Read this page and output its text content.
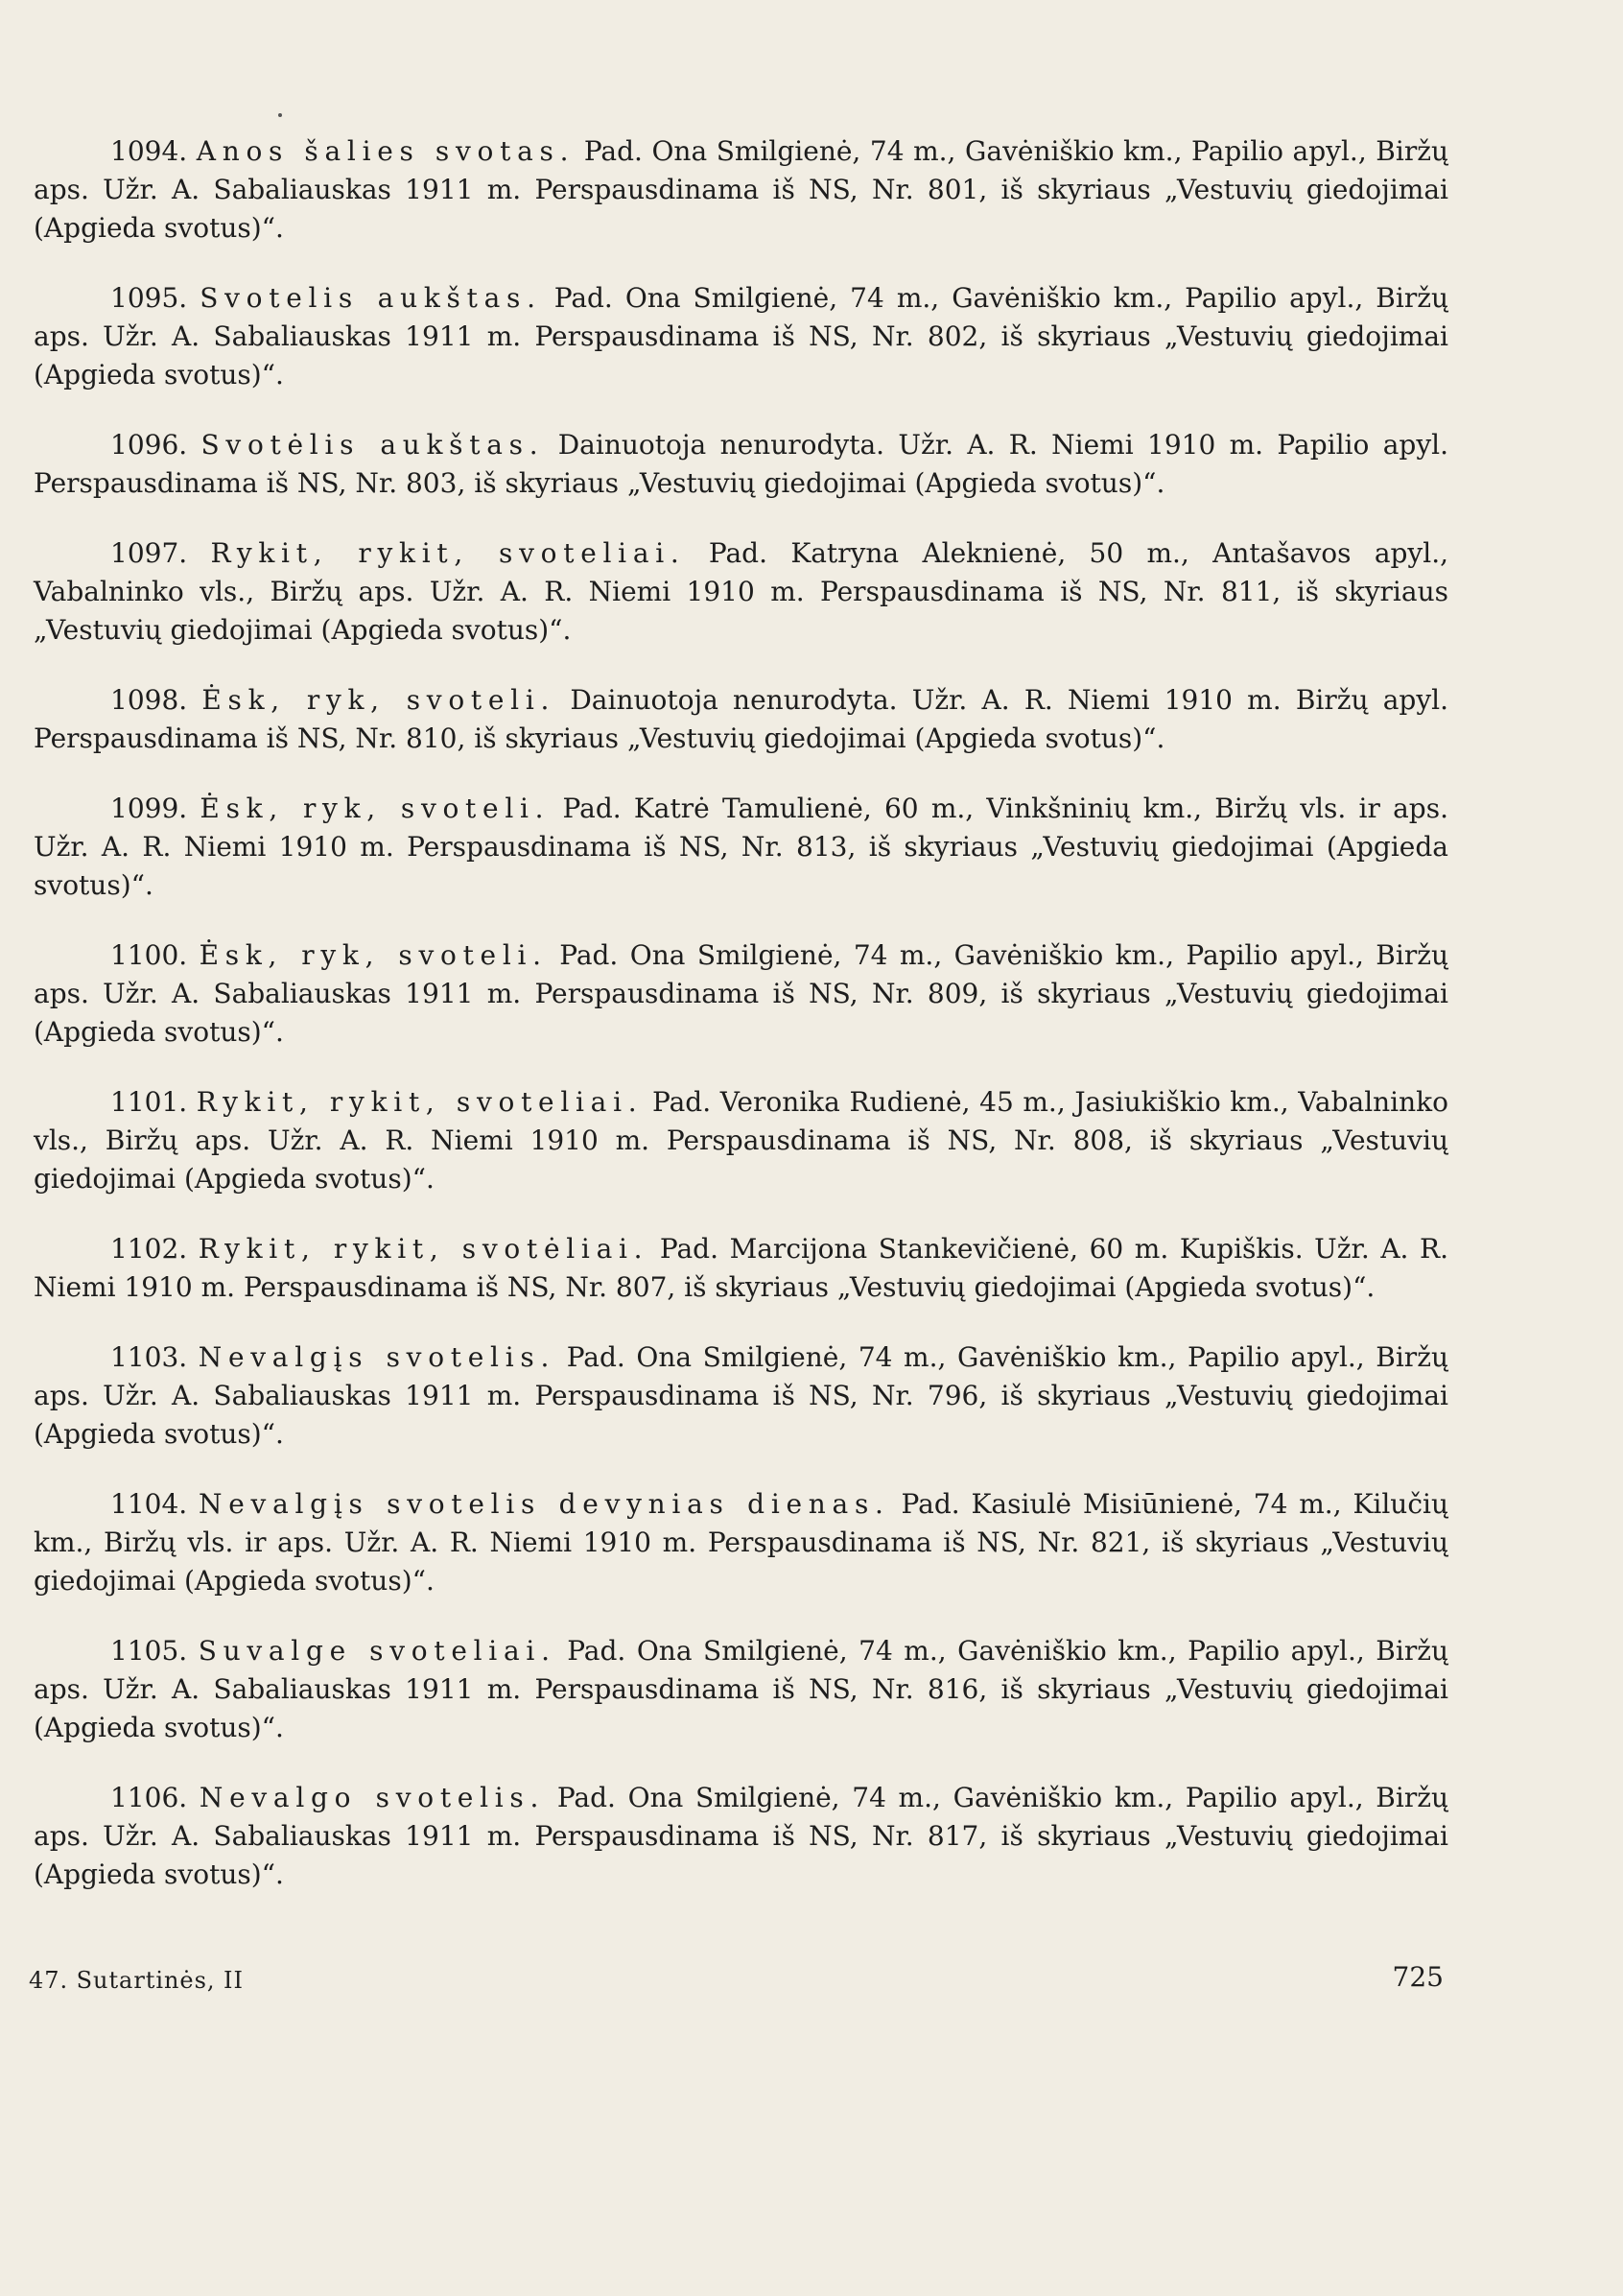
1094. Anos šalies svotas. Pad. Ona Smilgienė, 74 m., Gavėniškio km., Papilio apyl., Biržų aps. Užr. A. Sabaliauskas 1911 m. Perspausdinama iš NS, Nr. 801, iš skyriaus „Vestuvių giedojimai (Apgieda svotus)“.

1095. Svotelis aukštas. Pad. Ona Smilgienė, 74 m., Gavėniškio km., Papilio apyl., Biržų aps. Užr. A. Sabaliauskas 1911 m. Perspausdinama iš NS, Nr. 802, iš skyriaus „Vestuvių giedojimai (Apgieda svotus)“.

1096. Svotėlis aukštas. Dainuotoja nenurodyta. Užr. A. R. Niemi 1910 m. Papilio apyl. Perspausdinama iš NS, Nr. 803, iš skyriaus „Vestuvių giedojimai (Apgieda svotus)“.

1097. Rykit, rykit, svoteliai. Pad. Katryna Aleknienė, 50 m., Antašavos apyl., Vabalninko vls., Biržų aps. Užr. A. R. Niemi 1910 m. Perspausdinama iš NS, Nr. 811, iš skyriaus „Vestuvių giedojimai (Apgieda svotus)“.

1098. Ėsk, ryk, svoteli. Dainuotoja nenurodyta. Užr. A. R. Niemi 1910 m. Biržų apyl. Perspausdinama iš NS, Nr. 810, iš skyriaus „Vestuvių giedojimai (Apgieda svotus)“.

1099. Ėsk, ryk, svoteli. Pad. Katrė Tamulienė, 60 m., Vinkšninių km., Biržų vls. ir aps. Užr. A. R. Niemi 1910 m. Perspausdinama iš NS, Nr. 813, iš skyriaus „Vestuvių giedojimai (Apgieda svotus)“.

1100. Ėsk, ryk, svoteli. Pad. Ona Smilgienė, 74 m., Gavėniškio km., Papilio apyl., Biržų aps. Užr. A. Sabaliauskas 1911 m. Perspausdinama iš NS, Nr. 809, iš skyriaus „Vestuvių giedojimai (Apgieda svotus)“.

1101. Rykit, rykit, svoteliai. Pad. Veronika Rudienė, 45 m., Jasiukiškio km., Vabalninko vls., Biržų aps. Užr. A. R. Niemi 1910 m. Perspausdinama iš NS, Nr. 808, iš skyriaus „Vestuvių giedojimai (Apgieda svotus)“.

1102. Rykit, rykit, svotėliai. Pad. Marcijona Stankevičienė, 60 m. Kupiškis. Užr. A. R. Niemi 1910 m. Perspausdinama iš NS, Nr. 807, iš skyriaus „Vestuvių giedojimai (Apgieda svotus)“.

1103. Nevalgįs svotelis. Pad. Ona Smilgienė, 74 m., Gavėniškio km., Papilio apyl., Biržų aps. Užr. A. Sabaliauskas 1911 m. Perspausdinama iš NS, Nr. 796, iš skyriaus „Vestuvių giedojimai (Apgieda svotus)“.

1104. Nevalgįs svotelis devynias dienas. Pad. Kasiulė Misiūnienė, 74 m., Kilučių km., Biržų vls. ir aps. Užr. A. R. Niemi 1910 m. Perspausdinama iš NS, Nr. 821, iš skyriaus „Vestuvių giedojimai (Apgieda svotus)“.

1105. Suvalge svoteliai. Pad. Ona Smilgienė, 74 m., Gavėniškio km., Papilio apyl., Biržų aps. Užr. A. Sabaliauskas 1911 m. Perspausdinama iš NS, Nr. 816, iš skyriaus „Vestuvių giedojimai (Apgieda svotus)“.

1106. Nevalgo svotelis. Pad. Ona Smilgienė, 74 m., Gavėniškio km., Papilio apyl., Biržų aps. Užr. A. Sabaliauskas 1911 m. Perspausdinama iš NS, Nr. 817, iš skyriaus „Vestuvių giedojimai (Apgieda svotus)“.

47. Sutartinės, II	725
